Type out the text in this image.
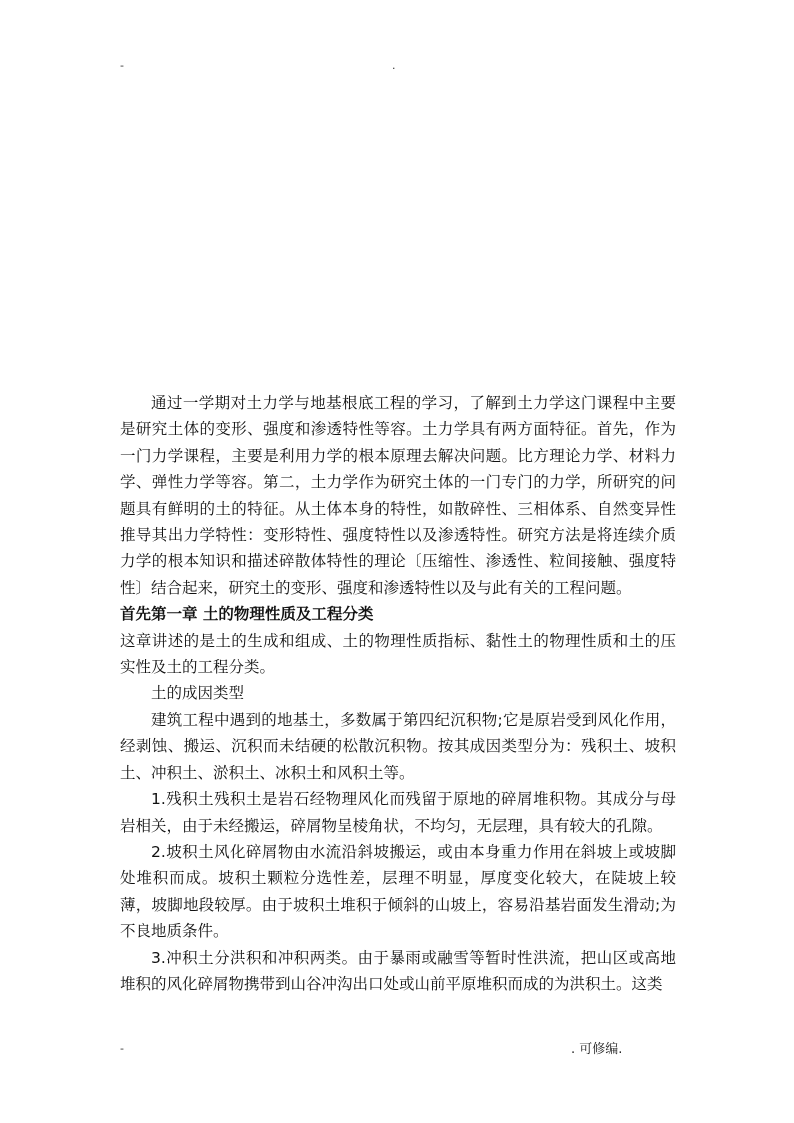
-	.

通过一学期对土力学与地基根底工程的学习，了解到土力学这门课程中主要是研究土体的变形、强度和渗透特性等容。土力学具有两方面特征。首先，作为一门力学课程，主要是利用力学的根本原理去解决问题。比方理论力学、材料力学、弹性力学等容。第二，土力学作为研究土体的一门专门的力学，所研究的问题具有鲜明的土的特征。从土体本身的特性，如散碎性、三相体系、自然变异性推导其出力学特性：变形特性、强度特性以及渗透特性。研究方法是将连续介质力学的根本知识和描述碎散体特性的理论〔压缩性、渗透性、粒间接触、强度特性〕结合起来，研究土的变形、强度和渗透特性以及与此有关的工程问题。

首先第一章 土的物理性质及工程分类

这章讲述的是土的生成和组成、土的物理性质指标、黏性土的物理性质和土的压实性及土的工程分类。

土的成因类型

建筑工程中遇到的地基土，多数属于第四纪沉积物;它是原岩受到风化作用，经剥蚀、搬运、沉积而未结硬的松散沉积物。按其成因类型分为：残积土、坡积土、冲积土、淤积土、冰积土和风积土等。

1.残积土残积土是岩石经物理风化而残留于原地的碎屑堆积物。其成分与母岩相关，由于未经搬运，碎屑物呈棱角状，不均匀，无层理，具有较大的孔隙。

2.坡积土风化碎屑物由水流沿斜坡搬运，或由本身重力作用在斜坡上或坡脚处堆积而成。坡积土颗粒分选性差，层理不明显，厚度变化较大，在陡坡上较薄，坡脚地段较厚。由于坡积土堆积于倾斜的山坡上，容易沿基岩面发生滑动;为不良地质条件。

3.冲积土分洪积和冲积两类。由于暴雨或融雪等暂时性洪流，把山区或高地堆积的风化碎屑物携带到山谷冲沟出口处或山前平原堆积而成的为洪积土。这类

-	. 可修编.
